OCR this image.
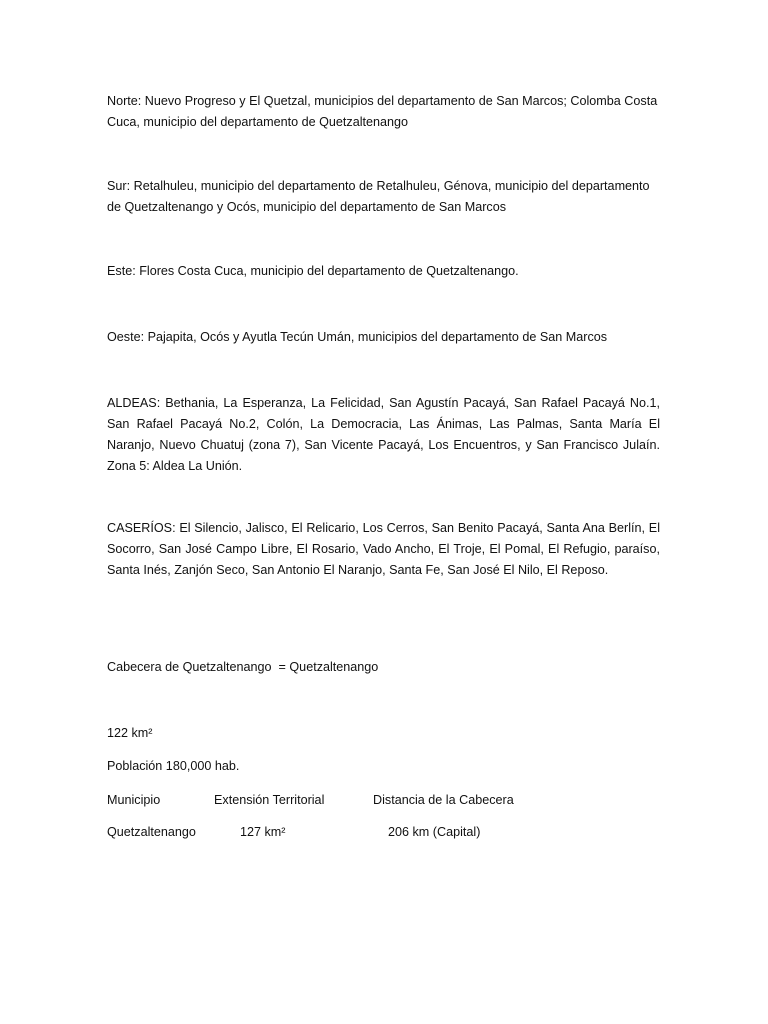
Norte: Nuevo Progreso y El Quetzal, municipios del departamento de San Marcos; Colomba Costa Cuca, municipio del departamento de Quetzaltenango

Sur: Retalhuleu, municipio del departamento de Retalhuleu, Génova, municipio del departamento de Quetzaltenango y Ocós, municipio del departamento de San Marcos

Este: Flores Costa Cuca, municipio del departamento de Quetzaltenango.

Oeste: Pajapita, Ocós y Ayutla Tecún Umán, municipios del departamento de San Marcos

ALDEAS: Bethania, La Esperanza, La Felicidad, San Agustín Pacayá, San Rafael Pacayá No.1, San Rafael Pacayá No.2, Colón, La Democracia, Las Ánimas, Las Palmas, Santa María El Naranjo, Nuevo Chuatuj (zona 7), San Vicente Pacayá, Los Encuentros, y San Francisco Julaín. Zona 5: Aldea La Unión.

CASERÍOS: El Silencio, Jalisco, El Relicario, Los Cerros, San Benito Pacayá, Santa Ana Berlín, El Socorro, San José Campo Libre, El Rosario, Vado Ancho, El Troje, El Pomal, El Refugio, paraíso, Santa Inés, Zanjón Seco, San Antonio El Naranjo, Santa Fe, San José El Nilo, El Reposo.

Cabecera de Quetzaltenango  = Quetzaltenango

122 km²

Población 180,000 hab.

Municipio	Extensión Territorial	Distancia de la Cabecera
Quetzaltenango	127 km²	206 km (Capital)
